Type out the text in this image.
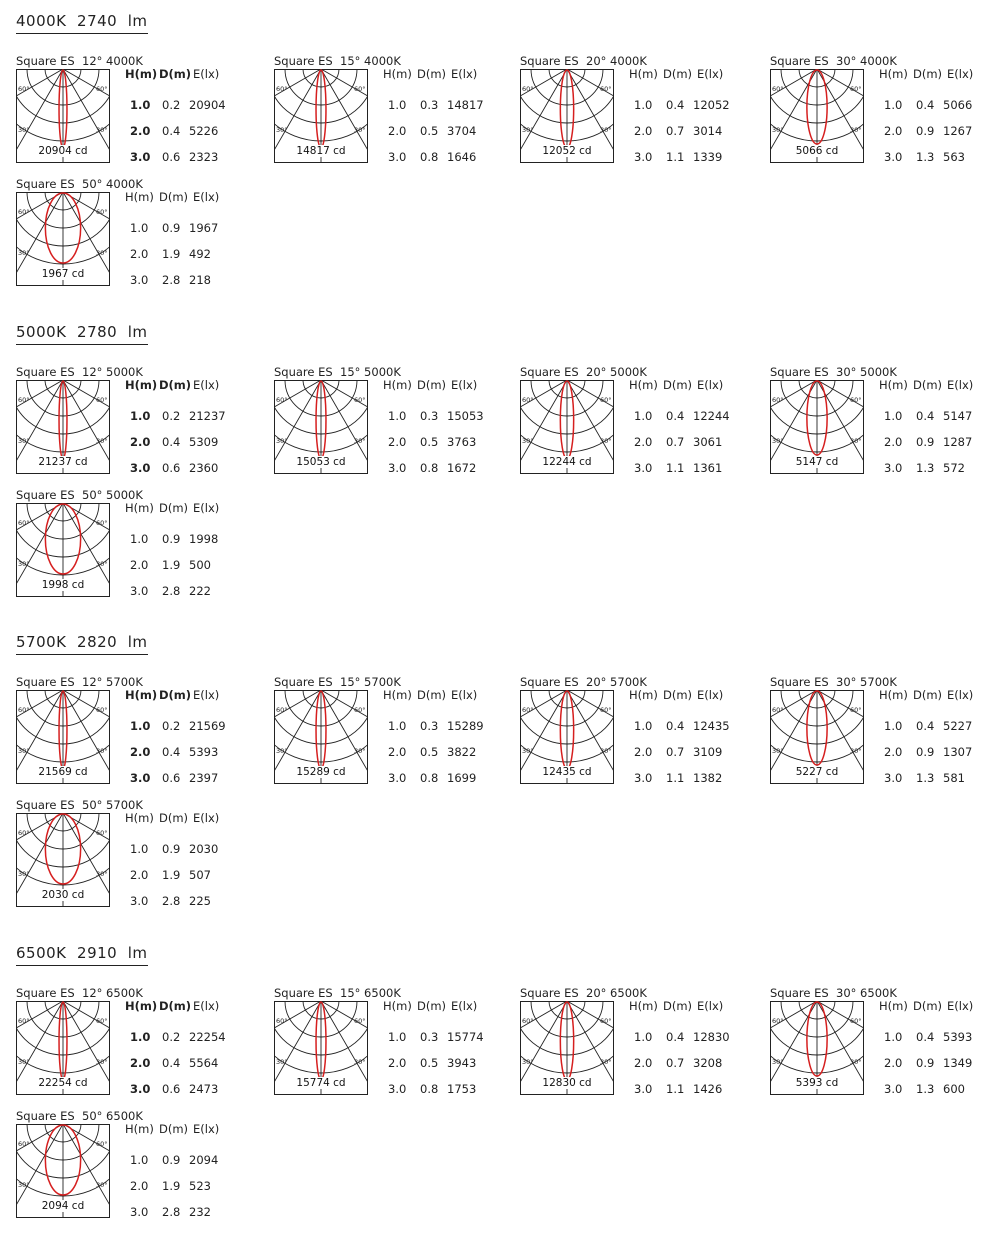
4000K  2740  lm
Square ES  12° 4000K
60°	60°
30°	30°
20904 cd
H(m) D(m) E(lx)
1.0 0.2 20904
2.0 0.4 5226
3.0 0.6 2323
Square ES  15° 4000K
60°	60°
30°	30°
14817 cd
H(m) D(m) E(lx)
1.0 0.3 14817
2.0 0.5 3704
3.0 0.8 1646
Square ES  20° 4000K
60°	60°
30°	30°
12052 cd
H(m) D(m) E(lx)
1.0 0.4 12052
2.0 0.7 3014
3.0 1.1 1339
Square ES  30° 4000K
60°	60°
30°	30°
5066 cd
H(m) D(m) E(lx)
1.0 0.4 5066
2.0 0.9 1267
3.0 1.3 563
Square ES  50° 4000K
60°	60°
30°	30°
1967 cd
H(m) D(m) E(lx)
1.0 0.9 1967
2.0 1.9 492
3.0 2.8 218
5000K  2780  lm
Square ES  12° 5000K
60°	60°
30°	30°
21237 cd
H(m) D(m) E(lx)
1.0 0.2 21237
2.0 0.4 5309
3.0 0.6 2360
Square ES  15° 5000K
60°	60°
30°	30°
15053 cd
H(m) D(m) E(lx)
1.0 0.3 15053
2.0 0.5 3763
3.0 0.8 1672
Square ES  20° 5000K
60°	60°
30°	30°
12244 cd
H(m) D(m) E(lx)
1.0 0.4 12244
2.0 0.7 3061
3.0 1.1 1361
Square ES  30° 5000K
60°	60°
30°	30°
5147 cd
H(m) D(m) E(lx)
1.0 0.4 5147
2.0 0.9 1287
3.0 1.3 572
Square ES  50° 5000K
60°	60°
30°	30°
1998 cd
H(m) D(m) E(lx)
1.0 0.9 1998
2.0 1.9 500
3.0 2.8 222
5700K  2820  lm
Square ES  12° 5700K
60°	60°
30°	30°
21569 cd
H(m) D(m) E(lx)
1.0 0.2 21569
2.0 0.4 5393
3.0 0.6 2397
Square ES  15° 5700K
60°	60°
30°	30°
15289 cd
H(m) D(m) E(lx)
1.0 0.3 15289
2.0 0.5 3822
3.0 0.8 1699
Square ES  20° 5700K
60°	60°
30°	30°
12435 cd
H(m) D(m) E(lx)
1.0 0.4 12435
2.0 0.7 3109
3.0 1.1 1382
Square ES  30° 5700K
60°	60°
30°	30°
5227 cd
H(m) D(m) E(lx)
1.0 0.4 5227
2.0 0.9 1307
3.0 1.3 581
Square ES  50° 5700K
60°	60°
30°	30°
2030 cd
H(m) D(m) E(lx)
1.0 0.9 2030
2.0 1.9 507
3.0 2.8 225
6500K  2910  lm
Square ES  12° 6500K
60°	60°
30°	30°
22254 cd
H(m) D(m) E(lx)
1.0 0.2 22254
2.0 0.4 5564
3.0 0.6 2473
Square ES  15° 6500K
60°	60°
30°	30°
15774 cd
H(m) D(m) E(lx)
1.0 0.3 15774
2.0 0.5 3943
3.0 0.8 1753
Square ES  20° 6500K
60°	60°
30°	30°
12830 cd
H(m) D(m) E(lx)
1.0 0.4 12830
2.0 0.7 3208
3.0 1.1 1426
Square ES  30° 6500K
60°	60°
30°	30°
5393 cd
H(m) D(m) E(lx)
1.0 0.4 5393
2.0 0.9 1349
3.0 1.3 600
Square ES  50° 6500K
60°	60°
30°	30°
2094 cd
H(m) D(m) E(lx)
1.0 0.9 2094
2.0 1.9 523
3.0 2.8 232
